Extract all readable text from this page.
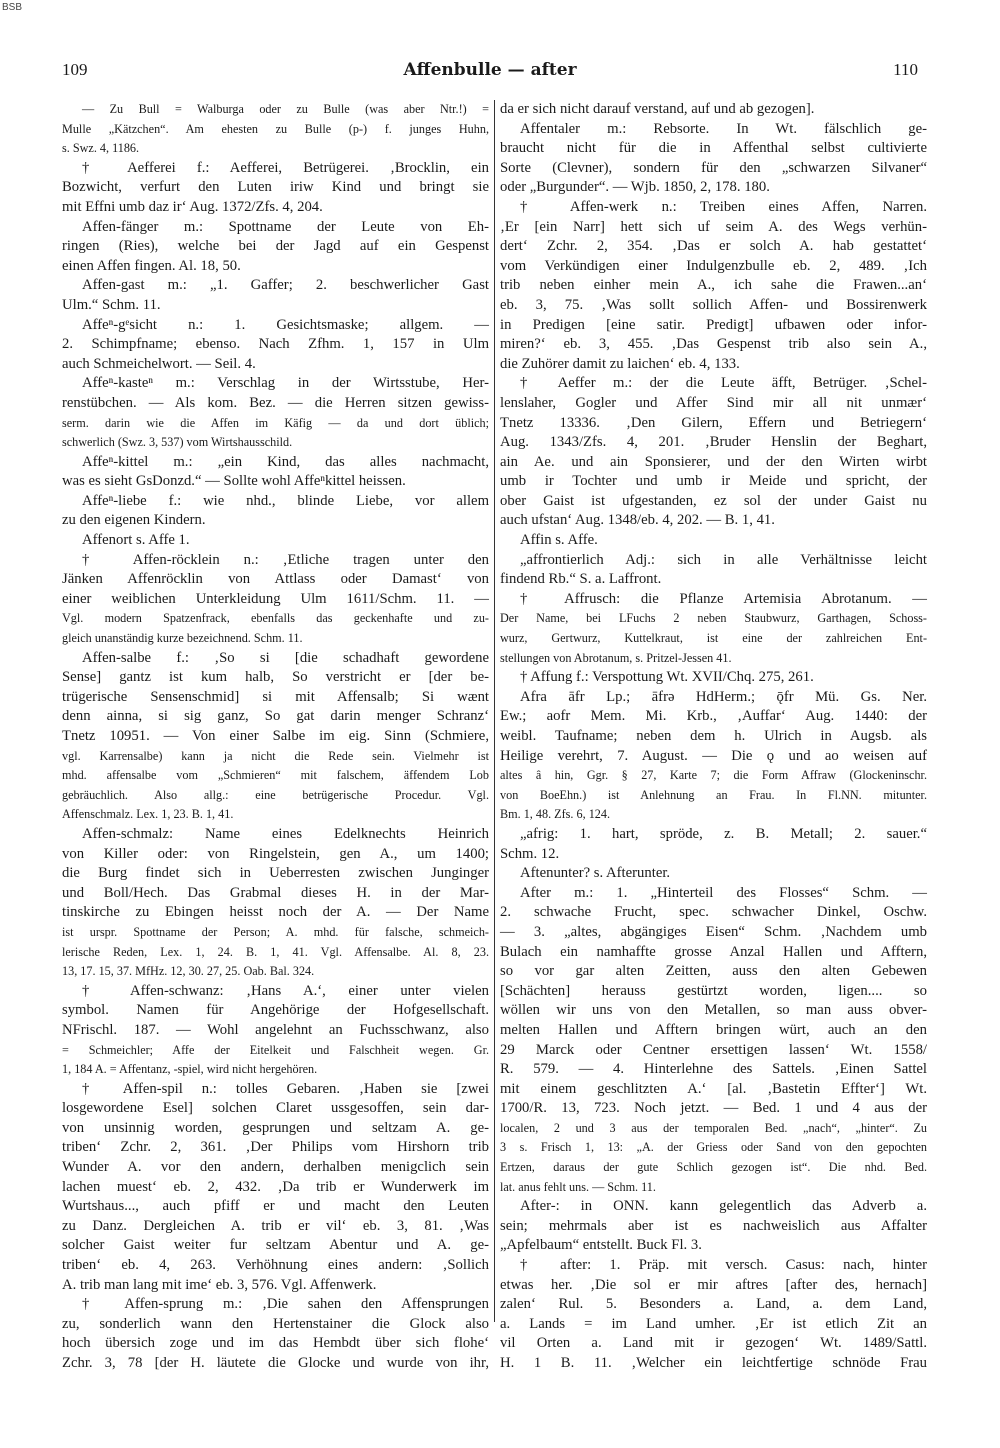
BSB
109	Affenbulle — after	110
— Zu Bull = Walburga oder zu Bulle (was aber Ntr.!) =
Mulle „Kätzchen“. Am ehesten zu Bulle (p-) f. junges Huhn,
s. Swz. 4, 1186.
† Aefferei f.: Aefferei, Betrügerei. ‚Brocklin, ein
Bozwicht, verfurt den Luten iriw Kind und bringt sie
mit Effni umb daz ir‘ Aug. 1372/Zfs. 4, 204.
Affen-fänger m.: Spottname der Leute von Eh-
ringen (Ries), welche bei der Jagd auf ein Gespenst
einen Affen fingen. Al. 18, 50.
Affen-gast m.: „1. Gaffer; 2. beschwerlicher Gast
Ulm.“ Schm. 11.
Affeⁿ-gᵉsicht n.: 1. Gesichtsmaske; allgem. —
2. Schimpfname; ebenso. Nach Zfhm. 1, 157 in Ulm
auch Schmeichelwort. — Seil. 4.
Affeⁿ-kasteⁿ m.: Verschlag in der Wirtsstube, Her-
renstübchen. — Als kom. Bez. — die Herren sitzen gewiss-
serm. darin wie die Affen im Käfig — da und dort üblich;
schwerlich (Swz. 3, 537) vom Wirtshausschild.
Affeⁿ-kittel m.: „ein Kind, das alles nachmacht,
was es sieht GsDonzd.“ — Sollte wohl Affeⁿkittel heissen.
Affeⁿ-liebe f.: wie nhd., blinde Liebe, vor allem
zu den eigenen Kindern.
Affenort s. Affe 1.
† Affen-röcklein n.: ‚Etliche tragen unter den
Jänken Affenröcklin von Attlass oder Damast‘ von
einer weiblichen Unterkleidung Ulm 1611/Schm. 11. —
Vgl. modern Spatzenfrack, ebenfalls das geckenhafte und zu-
gleich unanständig kurze bezeichnend. Schm. 11.
Affen-salbe f.: ‚So si [die schadhaft gewordene
Sense] gantz ist kum halb, So verstricht er [der be-
trügerische Sensenschmid] si mit Affensalb; Si wænt
denn ainna, si sig ganz, So gat darin menger Schranz‘
Tnetz 10951. — Von einer Salbe im eig. Sinn (Schmiere,
vgl. Karrensalbe) kann ja nicht die Rede sein. Vielmehr ist
mhd. affensalbe vom „Schmieren“ mit falschem, äffendem Lob
gebräuchlich. Also allg.: eine betrügerische Procedur. Vgl.
Affenschmalz. Lex. 1, 23. B. 1, 41.
Affen-schmalz: Name eines Edelknechts Heinrich
von Killer oder: von Ringelstein, gen A., um 1400;
die Burg findet sich in Ueberresten zwischen Junginger
und Boll/Hech. Das Grabmal dieses H. in der Mar-
tinskirche zu Ebingen heisst noch der A. — Der Name
ist urspr. Spottname der Person; A. mhd. für falsche, schmeich-
lerische Reden, Lex. 1, 24. B. 1, 41. Vgl. Affensalbe. Al. 8, 23.
13, 17. 15, 37. MfHz. 12, 30. 27, 25. Oab. Bal. 324.
† Affen-schwanz: ‚Hans A.‘, einer unter vielen
symbol. Namen für Angehörige der Hofgesellschaft.
NFrischl. 187. — Wohl angelehnt an Fuchsschwanz, also
= Schmeichler; Affe der Eitelkeit und Falschheit wegen. Gr.
1, 184 A. = Affentanz, -spiel, wird nicht hergehören.
† Affen-spil n.: tolles Gebaren. ‚Haben sie [zwei
losgewordene Esel] solchen Claret ussgesoffen, sein dar-
von unsinnig worden, gesprungen und seltzam A. ge-
triben‘ Zchr. 2, 361. ‚Der Philips vom Hirshorn trib
Wunder A. vor den andern, derhalben menigclich sein
lachen muest‘ eb. 2, 432. ‚Da trib er Wunderwerk im
Wurtshaus..., auch pfiff er und macht den Leuten
zu Danz. Dergleichen A. trib er vil‘ eb. 3, 81. ‚Was
solcher Gaist weiter fur seltzam Abentur und A. ge-
triben‘ eb. 4, 263. Verhöhnung eines andern: ‚Sollich
A. trib man lang mit ime‘ eb. 3, 576. Vgl. Affenwerk.
† Affen-sprung m.: ‚Die sahen den Affensprungen
zu, sonderlich wann den Hertenstainer die Glock also
hoch übersich zoge und im das Hembdt über sich flohe‘
Zchr. 3, 78 [der H. läutete die Glocke und wurde von ihr,
da er sich nicht darauf verstand, auf und ab gezogen].
Affentaler m.: Rebsorte. In Wt. fälschlich ge-
braucht nicht für die in Affenthal selbst cultivierte
Sorte (Clevner), sondern für den „schwarzen Silvaner“
oder „Burgunder“. — Wjb. 1850, 2, 178. 180.
† Affen-werk n.: Treiben eines Affen, Narren.
‚Er [ein Narr] hett sich uf seim A. des Wegs verhün-
dert‘ Zchr. 2, 354. ‚Das er solch A. hab gestattet‘
vom Verkündigen einer Indulgenzbulle eb. 2, 489. ‚Ich
trib neben einher mein A., ich sahe die Frawen...an‘
eb. 3, 75. ‚Was sollt sollich Affen- und Bossirenwerk
in Predigen [eine satir. Predigt] ufbawen oder infor-
miren?‘ eb. 3, 455. ‚Das Gespenst trib also sein A.,
die Zuhörer damit zu laichen‘ eb. 4, 133.
† Aeffer m.: der die Leute äfft, Betrüger. ‚Schel-
lenslaher, Gogler und Affer Sind mir all nit unmær‘
Tnetz 13336. ‚Den Gilern, Effern und Betriegern‘
Aug. 1343/Zfs. 4, 201. ‚Bruder Henslin der Beghart,
ain Ae. und ain Sponsierer, und der den Wirten wirbt
umb ir Tochter und umb ir Meide und spricht, der
ober Gaist ist ufgestanden, ez sol der under Gaist nu
auch ufstan‘ Aug. 1348/eb. 4, 202. — B. 1, 41.
Affin s. Affe.
„affrontierlich Adj.: sich in alle Verhältnisse leicht
findend Rb.“ S. a. Laffront.
† Affrusch: die Pflanze Artemisia Abrotanum. —
Der Name, bei LFuchs 2 neben Staubwurz, Garthagen, Schoss-
wurz, Gertwurz, Kuttelkraut, ist eine der zahlreichen Ent-
stellungen von Abrotanum, s. Pritzel-Jessen 41.
† Affung f.: Verspottung Wt. XVII/Chq. 275, 261.
Afra āfr Lp.; āfrə HdHerm.; ǭfr Mü. Gs. Ner.
Ew.; aofr Mem. Mi. Krb., ‚Auffar‘ Aug. 1440: der
weibl. Taufname; neben dem h. Ulrich in Augsb. als
Heilige verehrt, 7. August. — Die ǫ und ao weisen auf
altes â hin, Ggr. § 27, Karte 7; die Form Affraw (Glockeninschr.
von BoeEhn.) ist Anlehnung an Frau. In Fl.NN. mitunter.
Bm. 1, 48. Zfs. 6, 124.
„afrig: 1. hart, spröde, z. B. Metall; 2. sauer.“
Schm. 12.
Aftenunter? s. Afterunter.
After m.: 1. „Hinterteil des Flosses“ Schm. —
2. schwache Frucht, spec. schwacher Dinkel, Oschw.
— 3. „altes, abgängiges Eisen“ Schm. ‚Nachdem umb
Bulach ein namhaffte grosse Anzal Hallen und Afftern,
so vor gar alten Zeitten, auss den alten Gebewen
[Schächten] herauss gestürtzt worden, ligen.... so
wöllen wir uns von den Metallen, so man auss obver-
melten Hallen und Afftern bringen würt, auch an den
29 Marck oder Centner ersettigen lassen‘ Wt. 1558/
R. 579. — 4. Hinterlehne des Sattels. ‚Einen Sattel
mit einem geschlitzten A.‘ [al. ‚Bastetin Effter‘] Wt.
1700/R. 13, 723. Noch jetzt. — Bed. 1 und 4 aus der
localen, 2 und 3 aus der temporalen Bed. „nach“, „hinter“. Zu
3 s. Frisch 1, 13: „A. der Griess oder Sand von den gepochten
Ertzen, daraus der gute Schlich gezogen ist“. Die nhd. Bed.
lat. anus fehlt uns. — Schm. 11.
After-: in ONN. kann gelegentlich das Adverb a.
sein; mehrmals aber ist es nachweislich aus Affalter
„Apfelbaum“ entstellt. Buck Fl. 3.
† after: 1. Präp. mit versch. Casus: nach, hinter
etwas her. ‚Die sol er mir aftres [after des, hernach]
zalen‘ Rul. 5. Besonders a. Land, a. dem Land,
a. Lands = im Land umher. ‚Er ist etlich Zit an
vil Orten a. Land mit ir gezogen‘ Wt. 1489/Sattl.
H. 1 B. 11. ‚Welcher ein leichtfertige schnöde Frau
